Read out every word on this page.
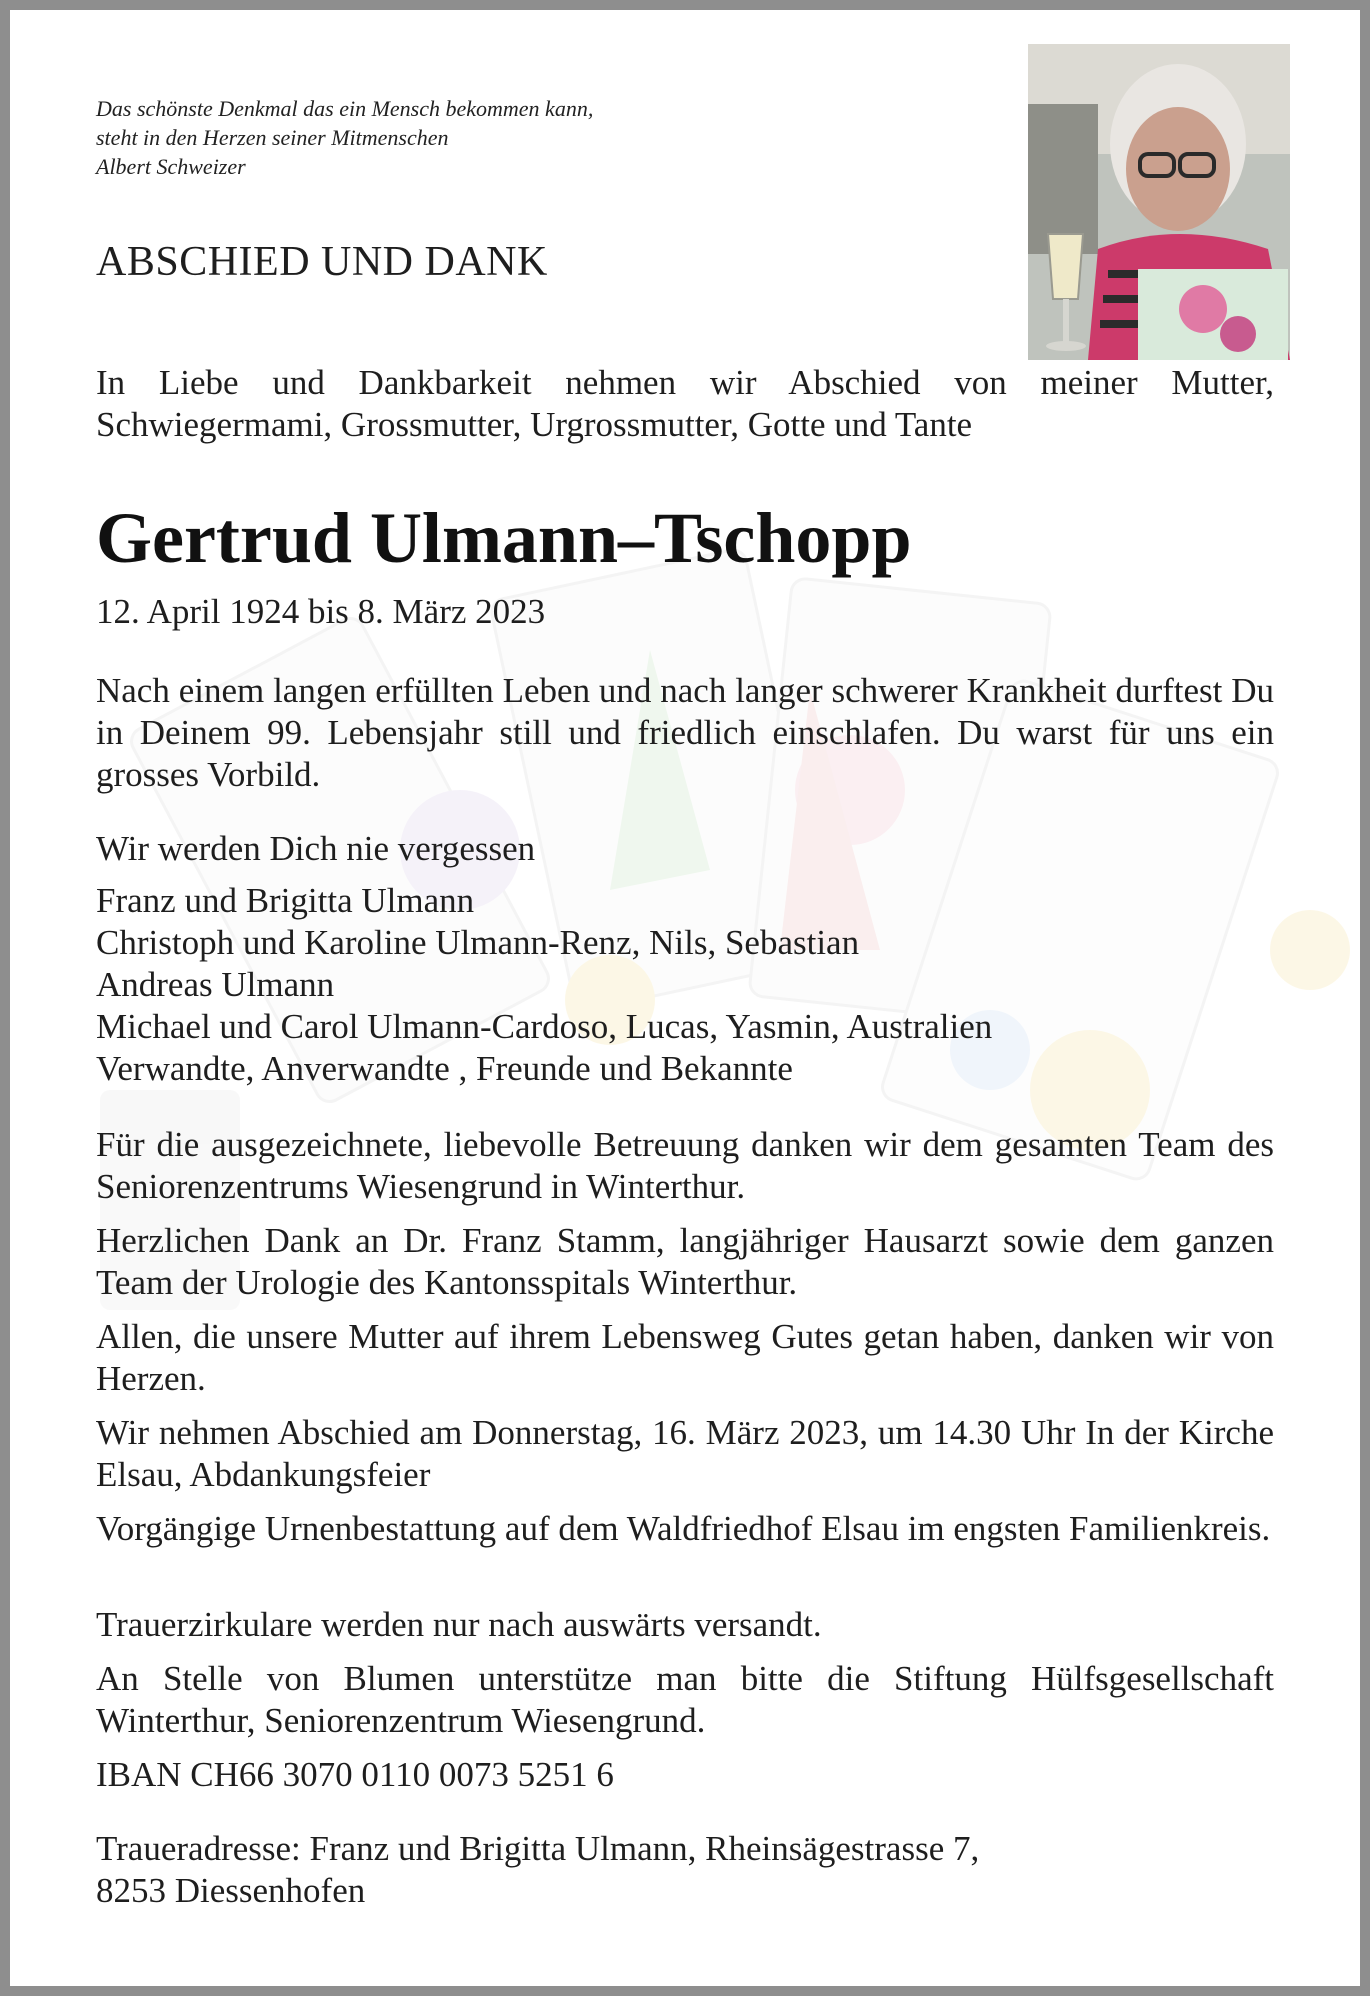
Das schönste Denkmal das ein Mensch bekommen kann,
steht in den Herzen seiner Mitmenschen
Albert Schweizer
ABSCHIED UND DANK
In Liebe und Dankbarkeit nehmen wir Abschied von meiner Mutter, Schwiegermami, Grossmutter, Urgrossmutter, Gotte und Tante
Gertrud Ulmann–Tschopp
12. April 1924 bis 8. März 2023
Nach einem langen erfüllten Leben und nach langer schwerer Krankheit durftest Du in Deinem 99. Lebensjahr still und friedlich einschlafen. Du warst für uns ein grosses Vorbild.
Wir werden Dich nie vergessen
Franz und Brigitta Ulmann
Christoph und Karoline Ulmann-Renz, Nils, Sebastian
Andreas Ulmann
Michael und Carol Ulmann-Cardoso, Lucas, Yasmin, Australien
Verwandte, Anverwandte , Freunde und Bekannte
Für die ausgezeichnete, liebevolle Betreuung danken wir dem gesamten Team des Seniorenzentrums Wiesengrund in Winterthur.
Herzlichen Dank an Dr. Franz Stamm, langjähriger Hausarzt sowie dem ganzen Team der Urologie des Kantonsspitals Winterthur.
Allen, die unsere Mutter auf ihrem Lebensweg Gutes getan haben, danken wir von Herzen.
Wir nehmen Abschied am Donnerstag, 16. März 2023, um 14.30 Uhr In der Kirche Elsau, Abdankungsfeier
Vorgängige Urnenbestattung auf dem Waldfriedhof Elsau im engsten Familienkreis.
Trauerzirkulare werden nur nach auswärts versandt.
An Stelle von Blumen unterstütze man bitte die Stiftung Hülfsgesellschaft Winterthur, Seniorenzentrum Wiesengrund.
IBAN CH66 3070 0110 0073 5251 6
Traueradresse: Franz und Brigitta Ulmann, Rheinsägestrasse 7,
8253 Diessenhofen
